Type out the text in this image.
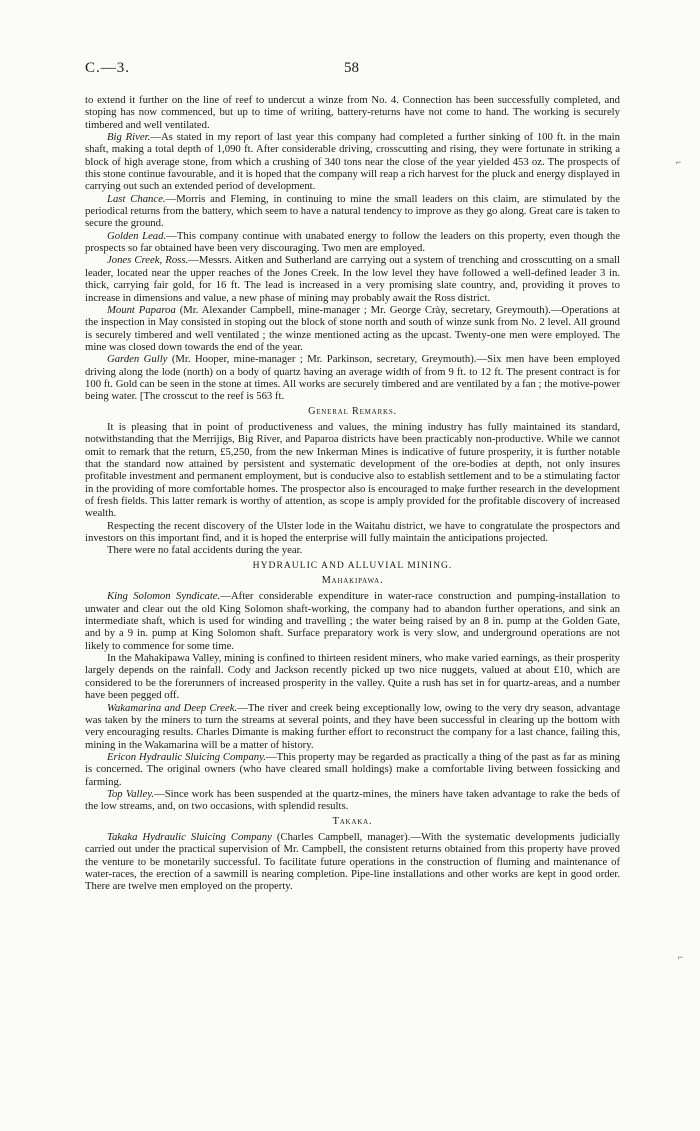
C.—3.	58

to extend it further on the line of reef to undercut a winze from No. 4. Connection has been successfully completed, and stoping has now commenced, but up to time of writing, battery-returns have not come to hand. The working is securely timbered and well ventilated.

Big River.—As stated in my report of last year this company had completed a further sinking of 100 ft. in the main shaft, making a total depth of 1,090 ft. After considerable driving, crosscutting and rising, they were fortunate in striking a block of high average stone, from which a crushing of 340 tons near the close of the year yielded 453 oz. The prospects of this stone continue favourable, and it is hoped that the company will reap a rich harvest for the pluck and energy displayed in carrying out such an extended period of development.

Last Chance.—Morris and Fleming, in continuing to mine the small leaders on this claim, are stimulated by the periodical returns from the battery, which seem to have a natural tendency to improve as they go along. Great care is taken to secure the ground.

Golden Lead.—This company continue with unabated energy to follow the leaders on this property, even though the prospects so far obtained have been very discouraging. Two men are employed.

Jones Creek, Ross.—Messrs. Aitken and Sutherland are carrying out a system of trenching and crosscutting on a small leader, located near the upper reaches of the Jones Creek. In the low level they have followed a well-defined leader 3 in. thick, carrying fair gold, for 16 ft. The lead is increased in a very promising slate country, and, providing it proves to increase in dimensions and value, a new phase of mining may probably await the Ross district.

Mount Paparoa (Mr. Alexander Campbell, mine-manager ; Mr. George Crày, secretary, Greymouth).—Operations at the inspection in May consisted in stoping out the block of stone north and south of winze sunk from No. 2 level. All ground is securely timbered and well ventilated ; the winze mentioned acting as the upcast. Twenty-one men were employed. The mine was closed down towards the end of the year.

Garden Gully (Mr. Hooper, mine-manager ; Mr. Parkinson, secretary, Greymouth).—Six men have been employed driving along the lode (north) on a body of quartz having an average width of from 9 ft. to 12 ft. The present contract is for 100 ft. Gold can be seen in the stone at times. All works are securely timbered and are ventilated by a fan ; the motive-power being water. [The crosscut to the reef is 563 ft.

General Remarks.

It is pleasing that in point of productiveness and values, the mining industry has fully maintained its standard, notwithstanding that the Merrijigs, Big River, and Paparoa districts have been practicably non-productive. While we cannot omit to remark that the return, £5,250, from the new Inkerman Mines is indicative of future prosperity, it is further notable that the standard now attained by persistent and systematic development of the ore-bodies at depth, not only insures profitable investment and permanent employment, but is conducive also to establish settlement and to be a stimulating factor in the providing of more comfortable homes. The prospector also is encouraged to maķe further research in the development of fresh fields. This latter remark is worthy of attention, as scope is amply provided for the profitable discovery of increased wealth.

Respecting the recent discovery of the Ulster lode in the Waitahu district, we have to congratulate the prospectors and investors on this important find, and it is hoped the enterprise will fully maintain the anticipations projected.

There were no fatal accidents during the year.

HYDRAULIC AND ALLUVIAL MINING.
Mahakipawa.

King Solomon Syndicate.—After considerable expenditure in water-race construction and pumping-installation to unwater and clear out the old King Solomon shaft-working, the company had to abandon further operations, and sink an intermediate shaft, which is used for winding and travelling ; the water being raised by an 8 in. pump at the Golden Gate, and by a 9 in. pump at King Solomon shaft. Surface preparatory work is very slow, and underground operations are not likely to commence for some time.

In the Mahakipawa Valley, mining is confined to thirteen resident miners, who make varied earnings, as their prosperity largely depends on the rainfall. Cody and Jackson recently picked up two nice nuggets, valued at about £10, which are considered to be the forerunners of increased prosperity in the valley. Quite a rush has set in for quartz-areas, and a number have been pegged off.

Wakamarina and Deep Creek.—The river and creek being exceptionally low, owing to the very dry season, advantage was taken by the miners to turn the streams at several points, and they have been successful in clearing up the bottom with very encouraging results. Charles Dimante is making further effort to reconstruct the company for a last chance, failing this, mining in the Wakamarina will be a matter of history.

Ericon Hydraulic Sluicing Company.—This property may be regarded as practically a thing of the past as far as mining is concerned. The original owners (who have cleared small holdings) make a comfortable living between fossicking and farming.

Top Valley.—Since work has been suspended at the quartz-mines, the miners have taken advantage to rake the beds of the low streams, and, on two occasions, with splendid results.

Takaka.

Takaka Hydraulic Sluicing Company (Charles Campbell, manager).—With the systematic developments judicially carried out under the practical supervision of Mr. Campbell, the consistent returns obtained from this property have proved the venture to be monetarily successful. To facilitate future operations in the construction of fluming and maintenance of water-races, the erection of a sawmill is nearing completion. Pipe-line installations and other works are kept in good order. There are twelve men employed on the property.

⌐
⌐
